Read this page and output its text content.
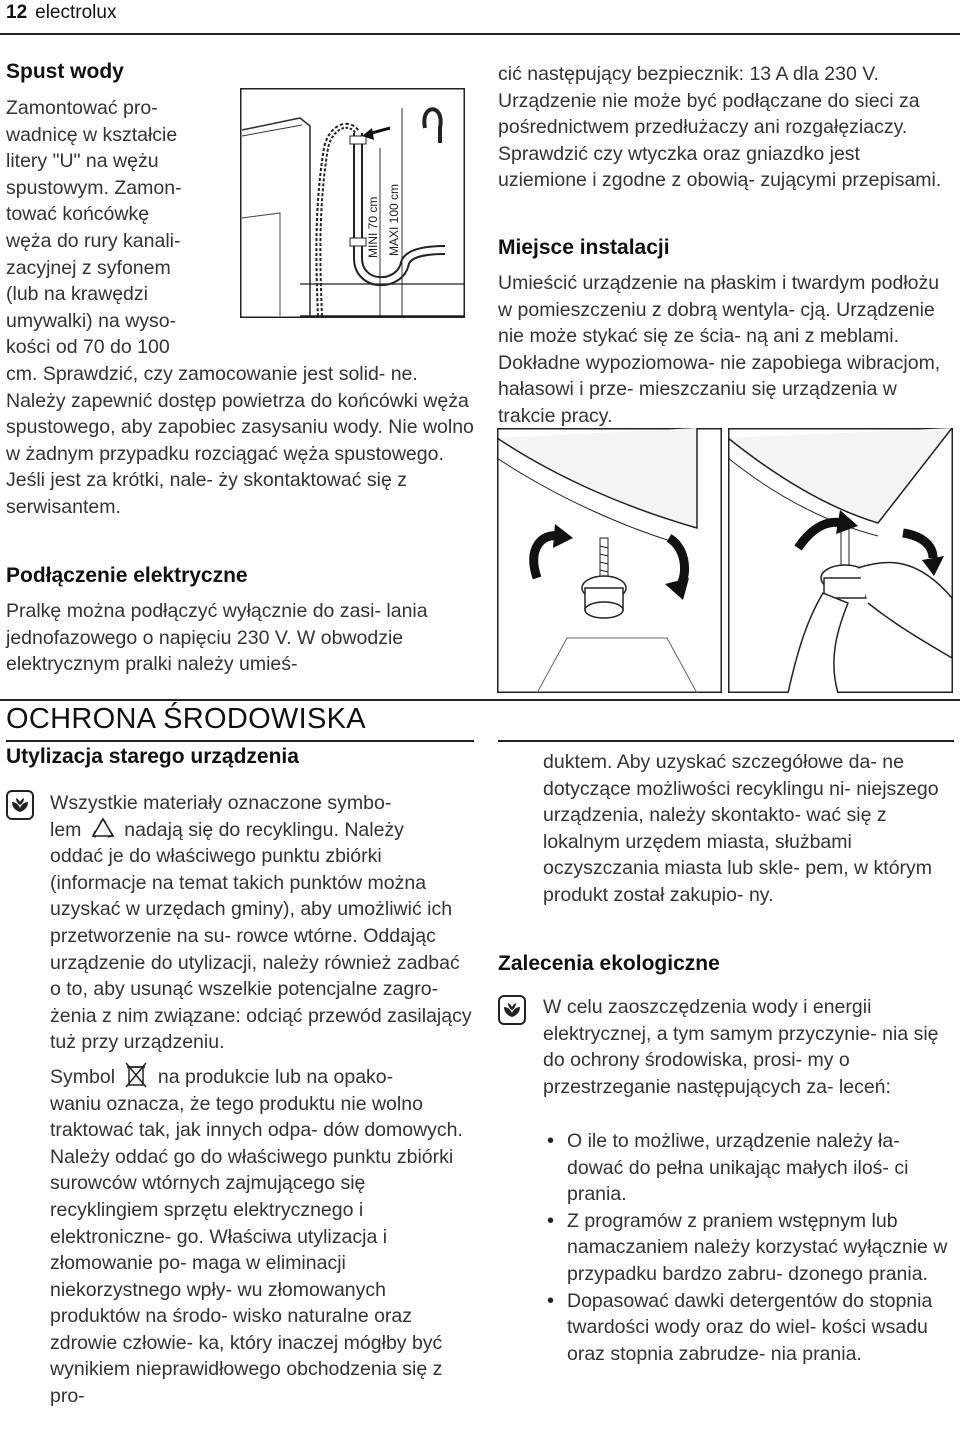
12 electrolux
Spust wody

Zamontować pro-

wadnicę w kształcie

litery "U" na wężu

spustowym. Zamon-

tować końcówkę

węża do rury kanali-

zacyjnej z syfonem

(lub na krawędzi

umywalki) na wyso-

kości od 70 do 100

MINI 70 cm MAXI 100 cm

cm. Sprawdzić, czy zamocowanie jest solid- ne. Należy zapewnić dostęp powietrza do końcówki węża spustowego, aby zapobiec zasysaniu wody. Nie wolno w żadnym przypadku rozciągać węża spustowego. Jeśli jest za krótki, nale- ży skontaktować się z serwisantem.

Podłączenie elektryczne

Pralkę można podłączyć wyłącznie do zasi- lania jednofazowego o napięciu 230 V. W obwodzie elektrycznym pralki należy umieś-

cić następujący bezpiecznik: 13 A dla 230 V. Urządzenie nie może być podłączane do sieci za pośrednictwem przedłużaczy ani rozgałęziaczy. Sprawdzić czy wtyczka oraz gniazdko jest uziemione i zgodne z obowią- zującymi przepisami.

Miejsce instalacji

Umieścić urządzenie na płaskim i twardym podłożu w pomieszczeniu z dobrą wentyla- cją. Urządzenie nie może stykać się ze ścia- ną ani z meblami. Dokładne wypoziomowa- nie zapobiega wibracjom, hałasowi i prze- mieszczaniu się urządzenia w trakcie pracy.

OCHRONA ŚRODOWISKA
Utylizacja starego urządzenia

Wszystkie materiały oznaczone symbo-

lem nadają się do recyklingu. Należy

oddać je do właściwego punktu zbiórki (informacje na temat takich punktów można uzyskać w urzędach gminy), aby umożliwić ich przetworzenie na su- rowce wtórne. Oddając urządzenie do utylizacji, należy również zadbać o to, aby usunąć wszelkie potencjalne zagro- żenia z nim związane: odciąć przewód zasilający tuż przy urządzeniu.

Symbol na produkcie lub na opako-

waniu oznacza, że tego produktu nie wolno traktować tak, jak innych odpa- dów domowych. Należy oddać go do właściwego punktu zbiórki surowców wtórnych zajmującego się recyklingiem sprzętu elektrycznego i elektroniczne- go. Właściwa utylizacja i złomowanie po- maga w eliminacji niekorzystnego wpły- wu złomowanych produktów na środo- wisko naturalne oraz zdrowie człowie- ka, który inaczej mógłby być wynikiem nieprawidłowego obchodzenia się z pro-

duktem. Aby uzyskać szczegółowe da- ne dotyczące możliwości recyklingu ni- niejszego urządzenia, należy skontakto- wać się z lokalnym urzędem miasta, służbami oczyszczania miasta lub skle- pem, w którym produkt został zakupio- ny.

Zalecenia ekologiczne

W celu zaoszczędzenia wody i energii elektrycznej, a tym samym przyczynie- nia się do ochrony środowiska, prosi- my o przestrzeganie następujących za- leceń:

• O ile to możliwe, urządzenie należy ła- dować do pełna unikając małych iloś- ci prania.
• Z programów z praniem wstępnym lub namaczaniem należy korzystać wyłącznie w przypadku bardzo zabru- dzonego prania.
• Dopasować dawki detergentów do stopnia twardości wody oraz do wiel- kości wsadu oraz stopnia zabrudze- nia prania.
